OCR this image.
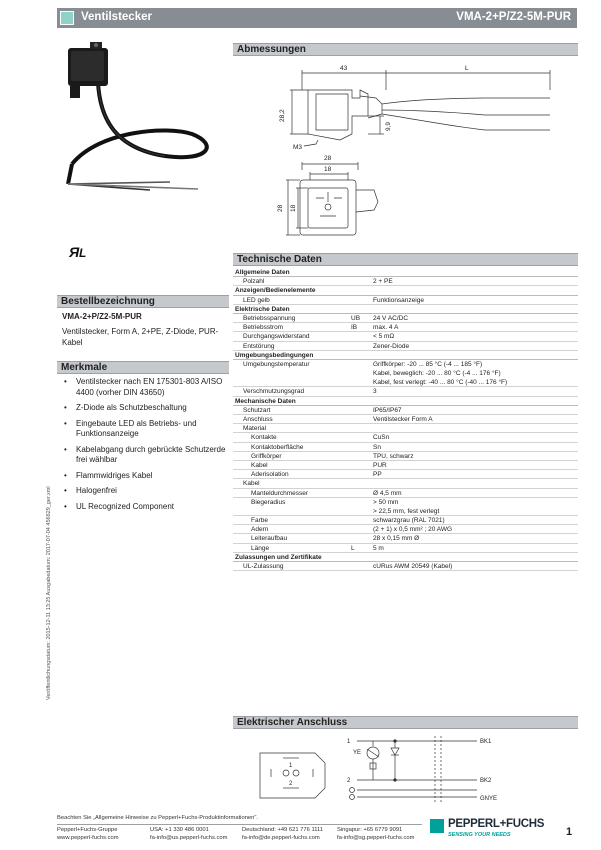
Ventilstecker	VMA-2+P/Z2-5M-PUR
Я L
Abmessungen
43	L
28,2
9,9
M3
28
18
28 18
Bestellbezeichnung
VMA-2+P/Z2-5M-PUR
Ventilstecker, Form A, 2+PE, Z-Diode, PUR-Kabel
Merkmale
• Ventilstecker nach EN 175301-803 A/ISO 4400 (vorher DIN 43650)
• Z-Diode als Schutzbeschaltung
• Eingebaute LED als Betriebs- und Funktionsanzeige
• Kabelabgang durch gebrückte Schutzerde frei wählbar
• Flammwidriges Kabel
• Halogenfrei
• UL Recognized Component
Technische Daten
Allgemeine Daten
Polzahl	2 + PE
Anzeigen/Bedienelemente
LED gelb	Funktionsanzeige
Elektrische Daten
Betriebsspannung	UB 24 V AC/DC
Betriebsstrom	IB max. 4 A
Durchgangswiderstand	< 5 mΩ
Entstörung	Zener-Diode
Umgebungsbedingungen
Umgebungstemperatur	Griffkörper: -20 ... 85 °C (-4 ... 185 °F)
Kabel, beweglich: -20 ... 80 °C (-4 ... 176 °F)
Kabel, fest verlegt: -40 ... 80 °C (-40 ... 176 °F)
Verschmutzungsgrad	3
Mechanische Daten
Schutzart	IP65/IP67
Anschluss	Ventilstecker Form A
Material
Kontakte	CuSn
Kontaktoberfläche	Sn
Griffkörper	TPU, schwarz
Kabel	PUR
Aderisolation	PP
Kabel
Manteldurchmesser	Ø 4,5 mm
Biegeradius	> 50 mm
> 22,5 mm, fest verlegt
Farbe	schwarzgrau (RAL 7021)
Adern	(2 + 1) x 0,5 mm² ; 20 AWG
Leiteraufbau	28 x 0,15 mm Ø
Länge	L	5 m
Zulassungen und Zertifikate
UL-Zulassung	cURus AWM 20549 (Kabel)
Elektrischer Anschluss
1
2
YE
BK1
BK2
GNYE
1
2
Veröffentlichungsdatum: 2015-12-11 13:25 Ausgabedatum: 2017-07-04 456629_ger.xml
Beachten Sie „Allgemeine Hinweise zu Pepperl+Fuchs-Produktinformationen".
Pepperl+Fuchs-Gruppe
www.pepperl-fuchs.com
USA: +1 330 486 0001
fa-info@us.pepperl-fuchs.com
Deutschland: +49 621 776 1111
fa-info@de.pepperl-fuchs.com
Singapur: +65 6779 9091
fa-info@sg.pepperl-fuchs.com
PEPPERL+FUCHS
SENSING YOUR NEEDS	1
